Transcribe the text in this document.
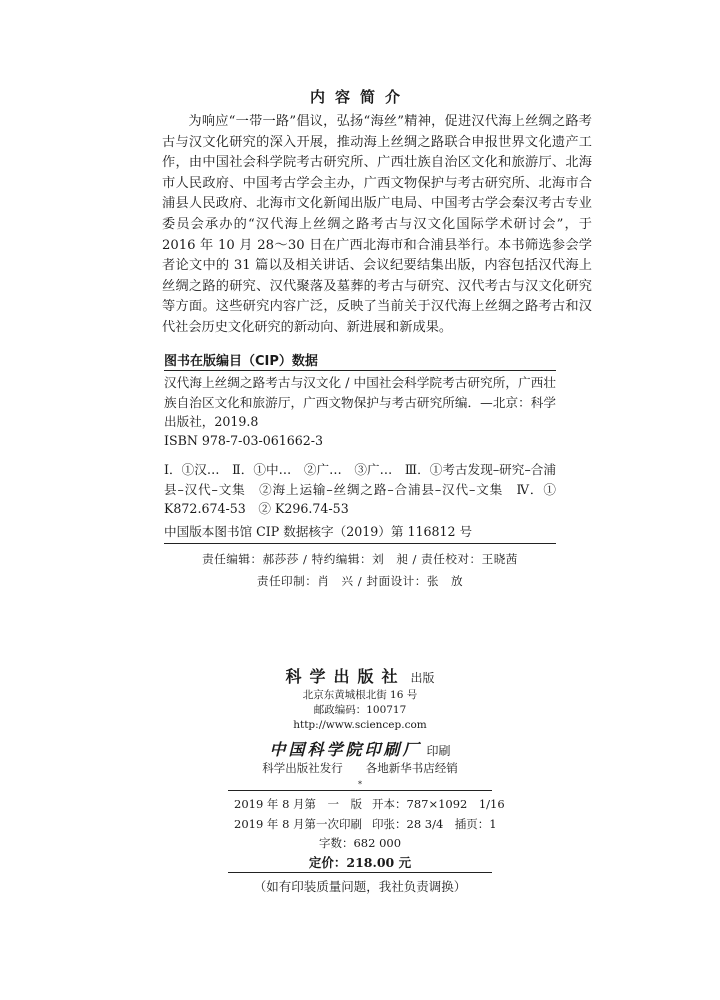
内容简介

为响应“一带一路”倡议，弘扬“海丝”精神，促进汉代海上丝绸之路考古与汉文化研究的深入开展，推动海上丝绸之路联合申报世界文化遗产工作，由中国社会科学院考古研究所、广西壮族自治区文化和旅游厅、北海市人民政府、中国考古学会主办，广西文物保护与考古研究所、北海市合浦县人民政府、北海市文化新闻出版广电局、中国考古学会秦汉考古专业委员会承办的“汉代海上丝绸之路考古与汉文化国际学术研讨会”，于 2016 年 10 月 28～30 日在广西北海市和合浦县举行。本书筛选参会学者论文中的 31 篇以及相关讲话、会议纪要结集出版，内容包括汉代海上丝绸之路的研究、汉代聚落及墓葬的考古与研究、汉代考古与汉文化研究等方面。这些研究内容广泛，反映了当前关于汉代海上丝绸之路考古和汉代社会历史文化研究的新动向、新进展和新成果。

图书在版编目（CIP）数据

汉代海上丝绸之路考古与汉文化 / 中国社会科学院考古研究所，广西壮族自治区文化和旅游厅，广西文物保护与考古研究所编．—北京：科学出版社，2019.8

ISBN 978-7-03-061662-3

Ⅰ．①汉…　Ⅱ．①中…　②广…　③广…　Ⅲ．①考古发现–研究–合浦县–汉代–文集　②海上运输–丝绸之路–合浦县–汉代–文集　Ⅳ．① K872.674-53　② K296.74-53

中国版本图书馆 CIP 数据核字（2019）第 116812 号

责任编辑：郝莎莎 / 特约编辑：刘　昶 / 责任校对：王晓茜
责任印制：肖　兴 / 封面设计：张　放
科学出版社 出版
北京东黄城根北街 16 号
邮政编码：100717
http://www.sciencep.com
中国科学院印刷厂 印刷
科学出版社发行　　各地新华书店经销
*
2019 年 8 月第　一　版 开本：787×1092　1/16
2019 年 8 月第一次印刷 印张：28 3/4　插页：1
字数：682 000
定价：218.00 元
（如有印装质量问题，我社负责调换）
